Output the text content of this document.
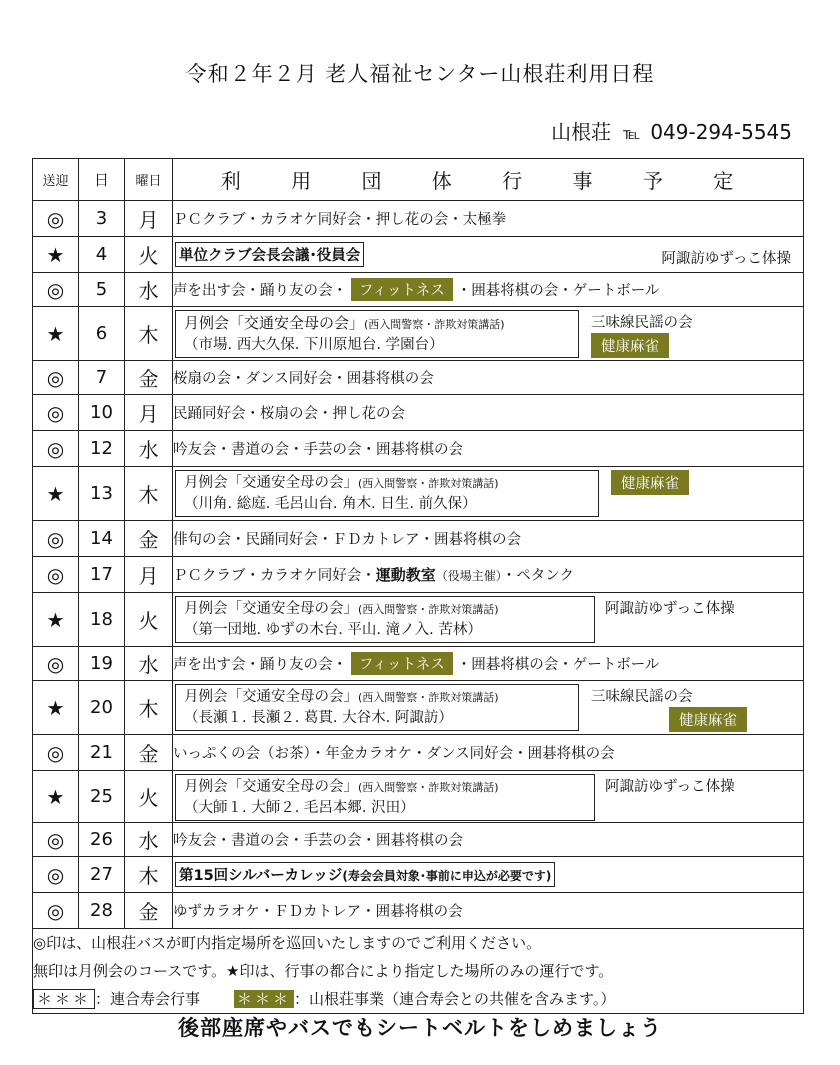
令和２年２月 老人福祉センター山根荘利用日程
山根荘 ℡ 049-294-5545
送迎	日	曜日	利 用 団 体 行 事 予 定
◎	3	月	ＰＣクラブ・カラオケ同好会・押し花の会・太極拳
★	4	火	単位クラブ会長会議･役員会 阿諏訪ゆずっこ体操

◎	5	水	声を出す会・踊り友の会・ フィットネス ・囲碁将棋の会・ゲートボール
★	6	木	月例会「交通安全母の会」(西入間警察・詐欺対策講話)
（市場. 西大久保. 下川原旭台. 学園台）
三味線民謡の会
健康麻雀

◎	7	金	桜扇の会・ダンス同好会・囲碁将棋の会
◎	10	月	民踊同好会・桜扇の会・押し花の会
◎	12	水	吟友会・書道の会・手芸の会・囲碁将棋の会
★	13	木	月例会「交通安全母の会」(西入間警察・詐欺対策講話)
（川角. 総庭. 毛呂山台. 角木. 日生. 前久保）
健康麻雀

◎	14	金	俳句の会・民踊同好会・ＦＤカトレア・囲碁将棋の会
◎	17	月	ＰＣクラブ・カラオケ同好会・運動教室（役場主催）・ペタンク
★	18	火	月例会「交通安全母の会」(西入間警察・詐欺対策講話)
（第一団地. ゆずの木台. 平山. 滝ノ入. 苦林）
阿諏訪ゆずっこ体操

◎	19	水	声を出す会・踊り友の会・ フィットネス ・囲碁将棋の会・ゲートボール
★	20	木	月例会「交通安全母の会」(西入間警察・詐欺対策講話)
（長瀬１. 長瀬２. 葛貫. 大谷木. 阿諏訪）
三味線民謡の会
健康麻雀

◎	21	金	いっぷくの会（お茶）・年金カラオケ・ダンス同好会・囲碁将棋の会
★	25	火	月例会「交通安全母の会」(西入間警察・詐欺対策講話)
（大師１. 大師２. 毛呂本郷. 沢田）
阿諏訪ゆずっこ体操

◎	26	水	吟友会・書道の会・手芸の会・囲碁将棋の会
◎	27	木	第15回シルバーカレッジ(寿会会員対象･事前に申込が必要です)
◎	28	金	ゆずカラオケ・ＦＤカトレア・囲碁将棋の会

◎印は、山根荘バスが町内指定場所を巡回いたしますのでご利用ください。
無印は月例会のコースです。★印は、行事の都合により指定した場所のみの運行です。
＊＊＊ ：連合寿会行事 ＊＊＊ ：山根荘事業（連合寿会との共催を含みます。）			
後部座席やバスでもシートベルトをしめましょう
